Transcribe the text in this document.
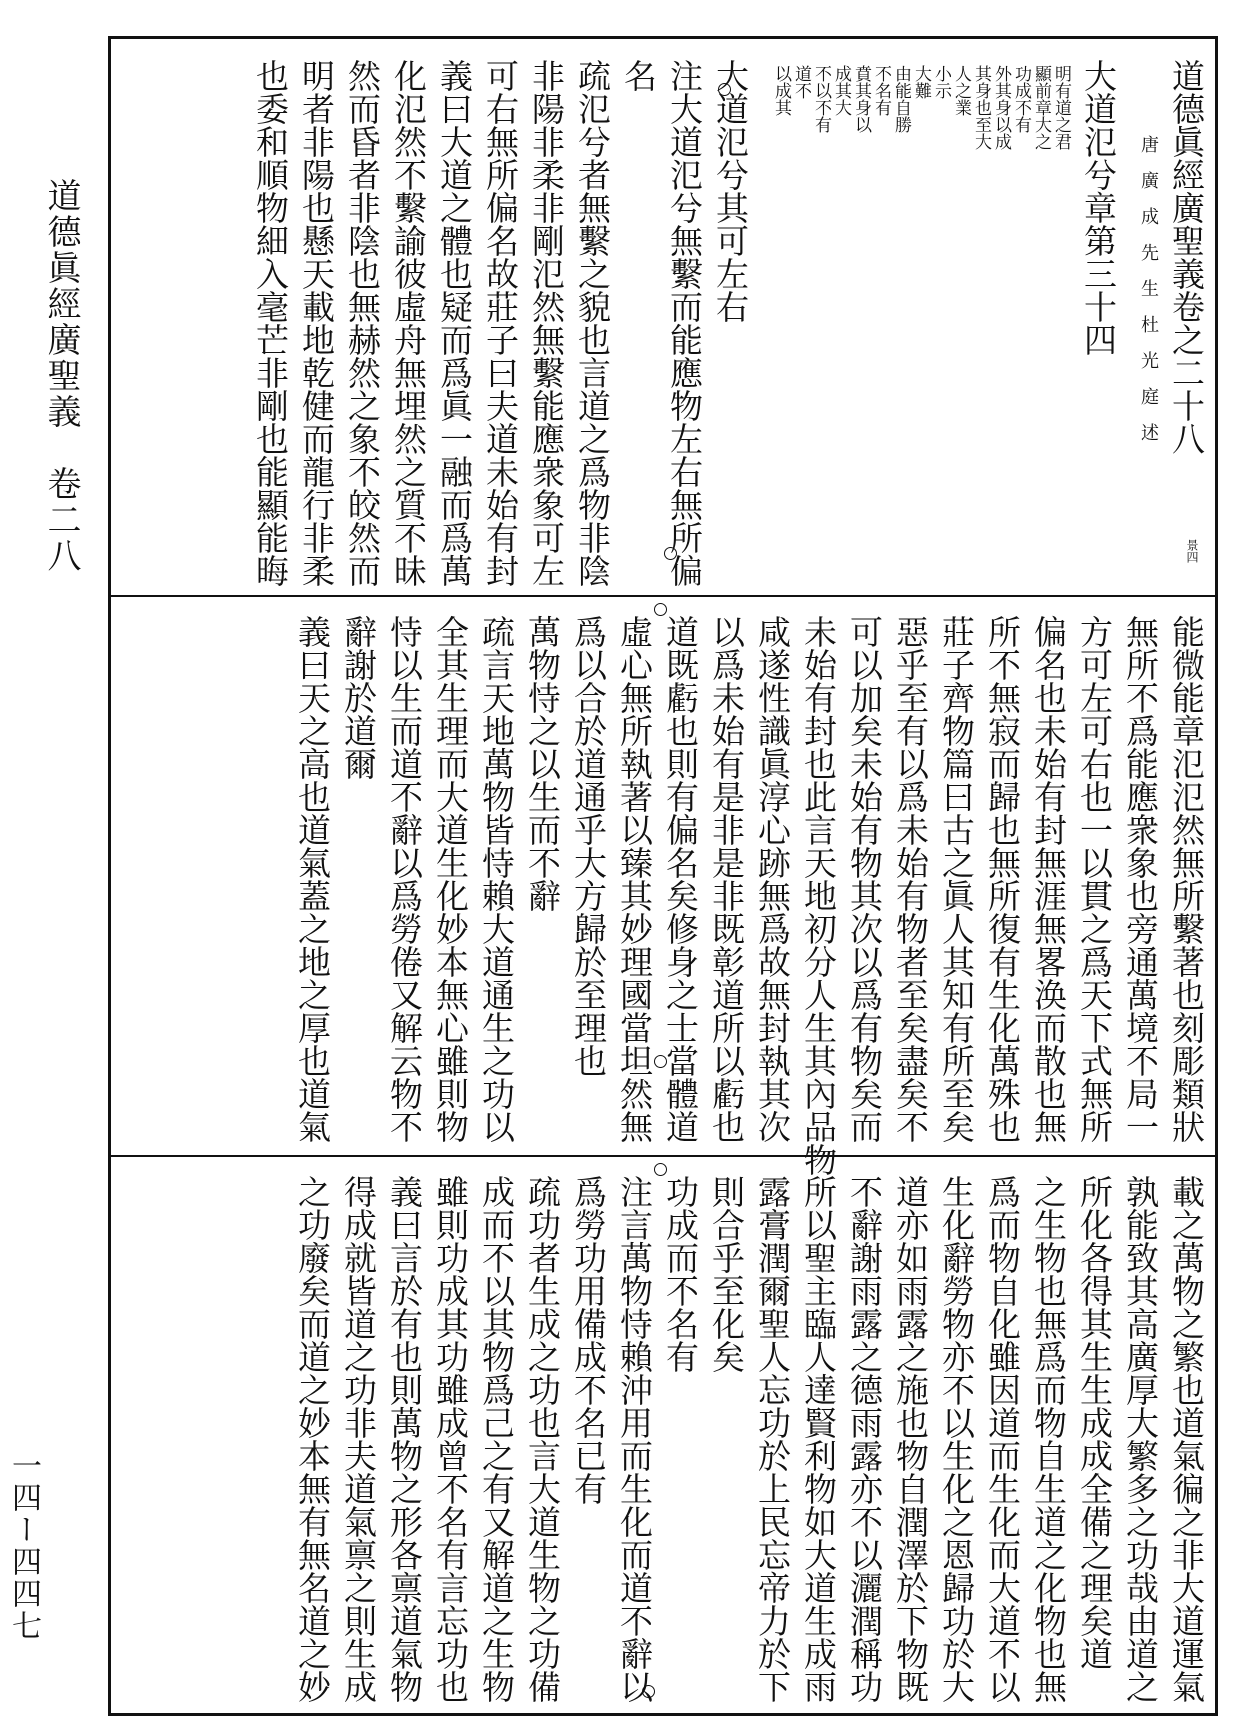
道德眞經廣聖義　卷二八
一四ー四四七
道德眞經廣聖義卷之二十八
唐　廣　成　先　生　杜　光　庭　述
景四
大道氾兮章第三十四
明有道之君
顯前章大之
功成不有
外其身以成
其身也至大
人之業
小示
大難
由能自勝
不名有
賁其身以
成其大
不以不有
道不
以成其
大道氾兮其可左右
注大道氾兮無繫而能應物左右無所偏
名
疏氾兮者無繫之貌也言道之爲物非陰
非陽非柔非剛氾然無繫能應衆象可左
可右無所偏名故莊子曰夫道未始有封
義曰大道之體也疑而爲眞一融而爲萬
化氾然不繫諭彼虛舟無埋然之質不昧
然而昏者非陰也無赫然之象不皎然而
明者非陽也懸天載地乾健而龍行非柔
也委和順物細入毫芒非剛也能顯能晦
能微能章氾氾然無所繫著也刻彫類狀
無所不爲能應衆象也旁通萬境不局一
方可左可右也一以貫之爲天下式無所
偏名也未始有封無涯無畧涣而散也無
所不無寂而歸也無所復有生化萬殊也
莊子齊物篇曰古之眞人其知有所至矣
惡乎至有以爲未始有物者至矣盡矣不
可以加矣未始有物其次以爲有物矣而
未始有封也此言天地初分人生其內品物
咸遂性識眞淳心跡無爲故無封執其次
以爲未始有是非是非既彰道所以虧也
道既虧也則有偏名矣修身之士當體道
虛心無所執著以臻其妙理國當坦然無
爲以合於道通乎大方歸於至理也
萬物恃之以生而不辭
疏言天地萬物皆恃賴大道通生之功以
全其生理而大道生化妙本無心雖則物
恃以生而道不辭以爲勞倦又解云物不
辭謝於道爾
義曰天之高也道氣蓋之地之厚也道氣
載之萬物之繁也道氣徧之非大道運氣
孰能致其高廣厚大繁多之功哉由道之
所化各得其生生成成全備之理矣道
之生物也無爲而物自生道之化物也無
爲而物自化雖因道而生化而大道不以
生化辭勞物亦不以生化之恩歸功於大
道亦如雨露之施也物自潤澤於下物既
不辭謝雨露之德雨露亦不以灑潤稱功
所以聖主臨人達賢利物如大道生成雨
露膏潤爾聖人忘功於上民忘帝力於下
則合乎至化矣
功成而不名有
注言萬物恃賴沖用而生化而道不辭以
爲勞功用備成不名已有
疏功者生成之功也言大道生物之功備
成而不以其物爲己之有又解道之生物
雖則功成其功雖成曾不名有言忘功也
義曰言於有也則萬物之形各禀道氣物
得成就皆道之功非夫道氣禀之則生成
之功廢矣而道之妙本無有無名道之妙
